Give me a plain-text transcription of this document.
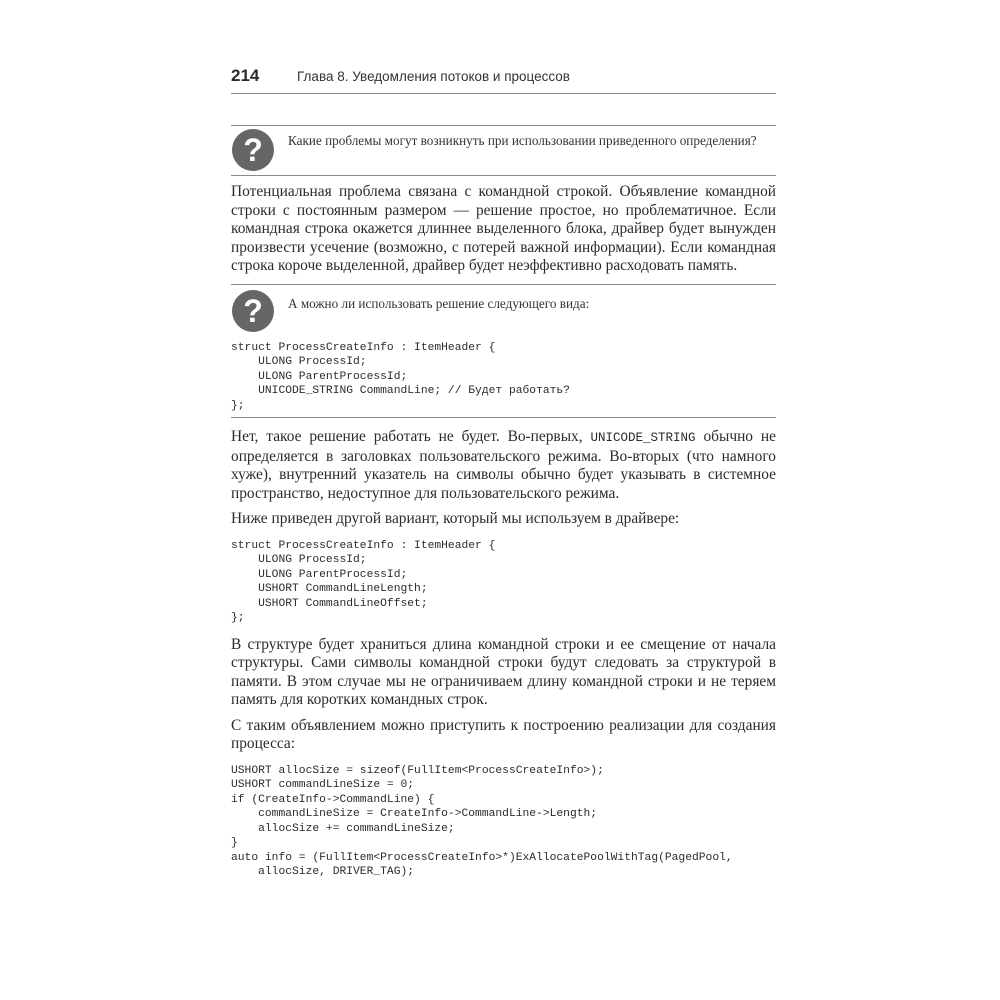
214	Глава 8. Уведомления потоков и процессов
?	Какие проблемы могут возникнуть при использовании приведенного определения?

Потенциальная проблема связана с командной строкой. Объявление командной строки с постоянным размером — решение простое, но проблематичное. Если командная строка окажется длиннее выделенного блока, драйвер будет вынужден произвести усечение (возможно, с потерей важной информации). Если командная строка короче выделенной, драйвер будет неэффективно расходовать память.

?	А можно ли использовать решение следующего вида:
struct ProcessCreateInfo : ItemHeader {
ULONG ProcessId;
ULONG ParentProcessId;
UNICODE_STRING CommandLine; // Будет работать?
};

Нет, такое решение работать не будет. Во-первых, UNICODE_STRING обычно не определяется в заголовках пользовательского режима. Во-вторых (что намного хуже), внутренний указатель на символы обычно будет указывать в системное пространство, недоступное для пользовательского режима.

Ниже приведен другой вариант, который мы используем в драйвере:

struct ProcessCreateInfo : ItemHeader {
ULONG ProcessId;
ULONG ParentProcessId;
USHORT CommandLineLength;
USHORT CommandLineOffset;
};

В структуре будет храниться длина командной строки и ее смещение от начала структуры. Сами символы командной строки будут следовать за структурой в памяти. В этом случае мы не ограничиваем длину командной строки и не теряем память для коротких командных строк.

С таким объявлением можно приступить к построению реализации для создания процесса:

USHORT allocSize = sizeof(FullItem<ProcessCreateInfo>);
USHORT commandLineSize = 0;
if (CreateInfo->CommandLine) {
commandLineSize = CreateInfo->CommandLine->Length;
allocSize += commandLineSize;
}
auto info = (FullItem<ProcessCreateInfo>*)ExAllocatePoolWithTag(PagedPool,
allocSize, DRIVER_TAG);
